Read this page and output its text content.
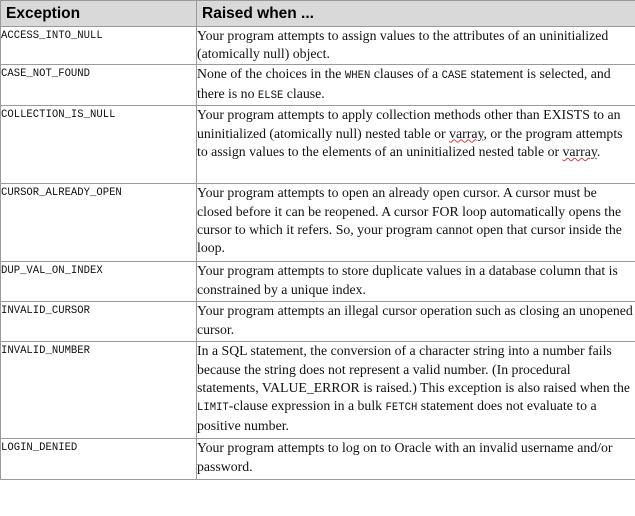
Exception	Raised when ...

ACCESS_INTO_NULL	Your program attempts to assign values to the attributes of an uninitialized (atomically null) object.
CASE_NOT_FOUND	None of the choices in the WHEN clauses of a CASE statement is selected, and there is no ELSE clause.
COLLECTION_IS_NULL	Your program attempts to apply collection methods other than EXISTS to an uninitialized (atomically null) nested table or varray, or the program attempts to assign values to the elements of an uninitialized nested table or varray.
CURSOR_ALREADY_OPEN	Your program attempts to open an already open cursor. A cursor must be closed before it can be reopened. A cursor FOR loop automatically opens the cursor to which it refers. So, your program cannot open that cursor inside the loop.
DUP_VAL_ON_INDEX	Your program attempts to store duplicate values in a database column that is constrained by a unique index.
INVALID_CURSOR	Your program attempts an illegal cursor operation such as closing an unopened cursor.
INVALID_NUMBER	In a SQL statement, the conversion of a character string into a number fails because the string does not represent a valid number. (In procedural statements, VALUE_ERROR is raised.) This exception is also raised when the LIMIT-clause expression in a bulk FETCH statement does not evaluate to a positive number.
LOGIN_DENIED	Your program attempts to log on to Oracle with an invalid username and/or password.
